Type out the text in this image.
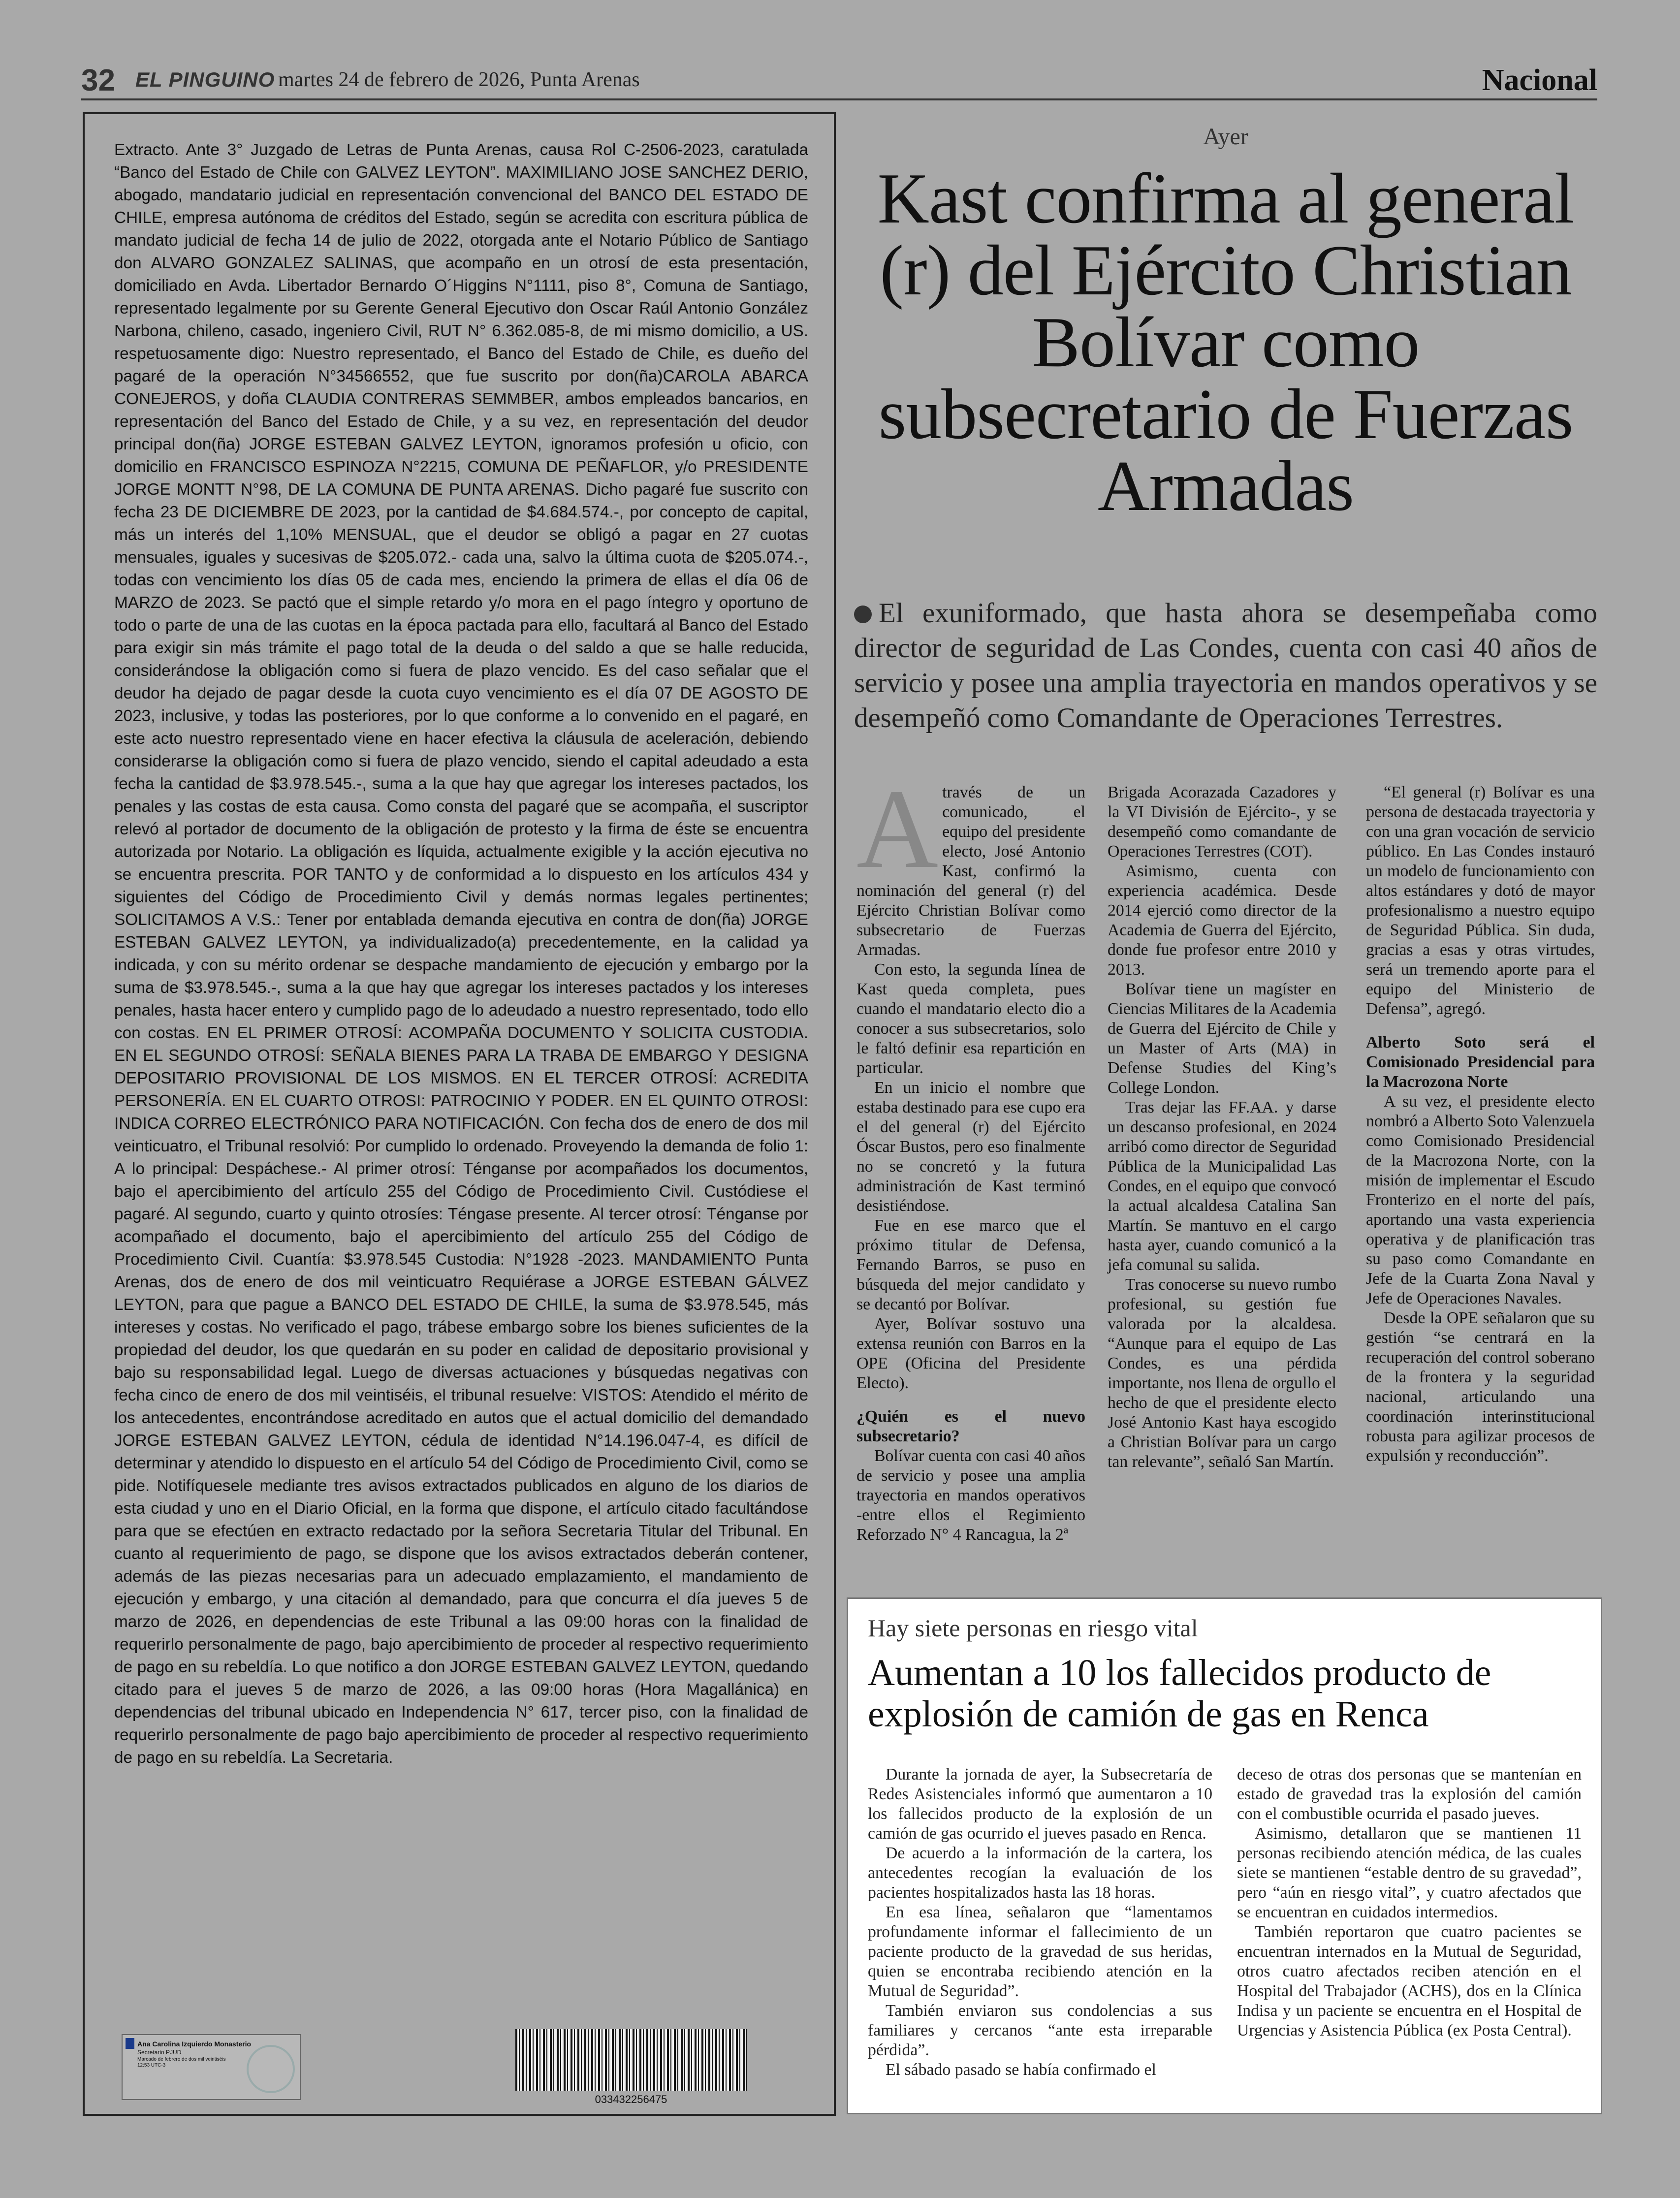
32 EL PINGUINO martes 24 de febrero de 2026, Punta Arenas	Nacional
Extracto. Ante 3° Juzgado de Letras de Punta Arenas, causa Rol C-2506-2023, caratulada “Banco del Estado de Chile con GALVEZ LEYTON”. MAXIMILIANO JOSE SANCHEZ DERIO, abogado, mandatario judicial en representación convencional del BANCO DEL ESTADO DE CHILE, empresa autónoma de créditos del Estado, según se acredita con escritura pública de mandato judicial de fecha 14 de julio de 2022, otorgada ante el Notario Público de Santiago don ALVARO GONZALEZ SALINAS, que acompaño en un otrosí de esta presentación, domiciliado en Avda. Libertador Bernardo O´Higgins N°1111, piso 8°, Comuna de Santiago, representado legalmente por su Gerente General Ejecutivo don Oscar Raúl Antonio González Narbona, chileno, casado, ingeniero Civil, RUT N° 6.362.085-8, de mi mismo domicilio, a US. respetuosamente digo: Nuestro representado, el Banco del Estado de Chile, es dueño del pagaré de la operación N°34566552, que fue suscrito por don(ña)CAROLA ABARCA CONEJEROS, y doña CLAUDIA CONTRERAS SEMMBER, ambos empleados bancarios, en representación del Banco del Estado de Chile, y a su vez, en representación del deudor principal don(ña) JORGE ESTEBAN GALVEZ LEYTON, ignoramos profesión u oficio, con domicilio en FRANCISCO ESPINOZA N°2215, COMUNA DE PEÑAFLOR, y/o PRESIDENTE JORGE MONTT N°98, DE LA COMUNA DE PUNTA ARENAS. Dicho pagaré fue suscrito con fecha 23 DE DICIEMBRE DE 2023, por la cantidad de $4.684.574.-, por concepto de capital, más un interés del 1,10% MENSUAL, que el deudor se obligó a pagar en 27 cuotas mensuales, iguales y sucesivas de $205.072.- cada una, salvo la última cuota de $205.074.-, todas con vencimiento los días 05 de cada mes, enciendo la primera de ellas el día 06 de MARZO de 2023. Se pactó que el simple retardo y/o mora en el pago íntegro y oportuno de todo o parte de una de las cuotas en la época pactada para ello, facultará al Banco del Estado para exigir sin más trámite el pago total de la deuda o del saldo a que se halle reducida, considerándose la obligación como si fuera de plazo vencido. Es del caso señalar que el deudor ha dejado de pagar desde la cuota cuyo vencimiento es el día 07 DE AGOSTO DE 2023, inclusive, y todas las posteriores, por lo que conforme a lo convenido en el pagaré, en este acto nuestro representado viene en hacer efectiva la cláusula de aceleración, debiendo considerarse la obligación como si fuera de plazo vencido, siendo el capital adeudado a esta fecha la cantidad de $3.978.545.-, suma a la que hay que agregar los intereses pactados, los penales y las costas de esta causa. Como consta del pagaré que se acompaña, el suscriptor relevó al portador de documento de la obligación de protesto y la firma de éste se encuentra autorizada por Notario. La obligación es líquida, actualmente exigible y la acción ejecutiva no se encuentra prescrita. POR TANTO y de conformidad a lo dispuesto en los artículos 434 y siguientes del Código de Procedimiento Civil y demás normas legales pertinentes; SOLICITAMOS A V.S.: Tener por entablada demanda ejecutiva en contra de don(ña) JORGE ESTEBAN GALVEZ LEYTON, ya individualizado(a) precedentemente, en la calidad ya indicada, y con su mérito ordenar se despache mandamiento de ejecución y embargo por la suma de $3.978.545.-, suma a la que hay que agregar los intereses pactados y los intereses penales, hasta hacer entero y cumplido pago de lo adeudado a nuestro representado, todo ello con costas. EN EL PRIMER OTROSÍ: ACOMPAÑA DOCUMENTO Y SOLICITA CUSTODIA. EN EL SEGUNDO OTROSÍ: SEÑALA BIENES PARA LA TRABA DE EMBARGO Y DESIGNA DEPOSITARIO PROVISIONAL DE LOS MISMOS. EN EL TERCER OTROSÍ: ACREDITA PERSONERÍA. EN EL CUARTO OTROSI: PATROCINIO Y PODER. EN EL QUINTO OTROSI: INDICA CORREO ELECTRÓNICO PARA NOTIFICACIÓN. Con fecha dos de enero de dos mil veinticuatro, el Tribunal resolvió: Por cumplido lo ordenado. Proveyendo la demanda de folio 1: A lo principal: Despáchese.- Al primer otrosí: Ténganse por acompañados los documentos, bajo el apercibimiento del artículo 255 del Código de Procedimiento Civil. Custódiese el pagaré. Al segundo, cuarto y quinto otrosíes: Téngase presente. Al tercer otrosí: Ténganse por acompañado el documento, bajo el apercibimiento del artículo 255 del Código de Procedimiento Civil. Cuantía: $3.978.545 Custodia: N°1928 -2023. MANDAMIENTO Punta Arenas, dos de enero de dos mil veinticuatro Requiérase a JORGE ESTEBAN GÁLVEZ LEYTON, para que pague a BANCO DEL ESTADO DE CHILE, la suma de $3.978.545, más intereses y costas. No verificado el pago, trábese embargo sobre los bienes suficientes de la propiedad del deudor, los que quedarán en su poder en calidad de depositario provisional y bajo su responsabilidad legal. Luego de diversas actuaciones y búsquedas negativas con fecha cinco de enero de dos mil veintiséis, el tribunal resuelve: VISTOS: Atendido el mérito de los antecedentes, encontrándose acreditado en autos que el actual domicilio del demandado JORGE ESTEBAN GALVEZ LEYTON, cédula de identidad N°14.196.047-4, es difícil de determinar y atendido lo dispuesto en el artículo 54 del Código de Procedimiento Civil, como se pide. Notifíquesele mediante tres avisos extractados publicados en alguno de los diarios de esta ciudad y uno en el Diario Oficial, en la forma que dispone, el artículo citado facultándose para que se efectúen en extracto redactado por la señora Secretaria Titular del Tribunal. En cuanto al requerimiento de pago, se dispone que los avisos extractados deberán contener, además de las piezas necesarias para un adecuado emplazamiento, el mandamiento de ejecución y embargo, y una citación al demandado, para que concurra el día jueves 5 de marzo de 2026, en dependencias de este Tribunal a las 09:00 horas con la finalidad de requerirlo personalmente de pago, bajo apercibimiento de proceder al respectivo requerimiento de pago en su rebeldía. Lo que notifico a don JORGE ESTEBAN GALVEZ LEYTON, quedando citado para el jueves 5 de marzo de 2026, a las 09:00 horas (Hora Magallánica) en dependencias del tribunal ubicado en Independencia N° 617, tercer piso, con la finalidad de requerirlo personalmente de pago bajo apercibimiento de proceder al respectivo requerimiento de pago en su rebeldía. La Secretaria.
Ana Carolina Izquierdo Monasterio
Secretario PJUD
Marcado de febrero de dos mil veintiséis 12:53 UTC-3
033432256475
Ayer
Kast confirma al general (r) del Ejército Christian Bolívar como subsecretario de Fuerzas Armadas
El exuniformado, que hasta ahora se desempeñaba como director de seguridad de Las Condes, cuenta con casi 40 años de servicio y posee una amplia trayectoria en mandos operativos y se desempeñó como Comandante de Operaciones Terrestres.

Através de un comunicado, el equipo del presidente electo, José Antonio Kast, confirmó la nominación del general (r) del Ejército Christian Bolívar como subsecretario de Fuerzas Armadas.

Con esto, la segunda línea de Kast queda completa, pues cuando el mandatario electo dio a conocer a sus subsecretarios, solo le faltó definir esa repartición en particular.

En un inicio el nombre que estaba destinado para ese cupo era el del general (r) del Ejército Óscar Bustos, pero eso finalmente no se concretó y la futura administración de Kast terminó desistiéndose.

Fue en ese marco que el próximo titular de Defensa, Fernando Barros, se puso en búsqueda del mejor candidato y se decantó por Bolívar.

Ayer, Bolívar sostuvo una extensa reunión con Barros en la OPE (Oficina del Presidente Electo).

¿Quién es el nuevo subsecretario?

Bolívar cuenta con casi 40 años de servicio y posee una amplia trayectoria en mandos operativos -entre ellos el Regimiento Reforzado N° 4 Rancagua, la 2ª

Brigada Acorazada Cazadores y la VI División de Ejército-, y se desempeñó como comandante de Operaciones Terrestres (COT).

Asimismo, cuenta con experiencia académica. Desde 2014 ejerció como director de la Academia de Guerra del Ejército, donde fue profesor entre 2010 y 2013.

Bolívar tiene un magíster en Ciencias Militares de la Academia de Guerra del Ejército de Chile y un Master of Arts (MA) in Defense Studies del King’s College London.

Tras dejar las FF.AA. y darse un descanso profesional, en 2024 arribó como director de Seguridad Pública de la Municipalidad Las Condes, en el equipo que convocó la actual alcaldesa Catalina San Martín. Se mantuvo en el cargo hasta ayer, cuando comunicó a la jefa comunal su salida.

Tras conocerse su nuevo rumbo profesional, su gestión fue valorada por la alcaldesa. “Aunque para el equipo de Las Condes, es una pérdida importante, nos llena de orgullo el hecho de que el presidente electo José Antonio Kast haya escogido a Christian Bolívar para un cargo tan relevante”, señaló San Martín.

“El general (r) Bolívar es una persona de destacada trayectoria y con una gran vocación de servicio público. En Las Condes instauró un modelo de funcionamiento con altos estándares y dotó de mayor profesionalismo a nuestro equipo de Seguridad Pública. Sin duda, gracias a esas y otras virtudes, será un tremendo aporte para el equipo del Ministerio de Defensa”, agregó.

Alberto Soto será el Comisionado Presidencial para la Macrozona Norte

A su vez, el presidente electo nombró a Alberto Soto Valenzuela como Comisionado Presidencial de la Macrozona Norte, con la misión de implementar el Escudo Fronterizo en el norte del país, aportando una vasta experiencia operativa y de planificación tras su paso como Comandante en Jefe de la Cuarta Zona Naval y Jefe de Operaciones Navales.

Desde la OPE señalaron que su gestión “se centrará en la recuperación del control soberano de la frontera y la seguridad nacional, articulando una coordinación interinstitucional robusta para agilizar procesos de expulsión y reconducción”.

Hay siete personas en riesgo vital
Aumentan a 10 los fallecidos producto de explosión de camión de gas en Renca

Durante la jornada de ayer, la Subsecretaría de Redes Asistenciales informó que aumentaron a 10 los fallecidos producto de la explosión de un camión de gas ocurrido el jueves pasado en Renca.

De acuerdo a la información de la cartera, los antecedentes recogían la evaluación de los pacientes hospitalizados hasta las 18 horas.

En esa línea, señalaron que “lamentamos profundamente informar el fallecimiento de un paciente producto de la gravedad de sus heridas, quien se encontraba recibiendo atención en la Mutual de Seguridad”.

También enviaron sus condolencias a sus familiares y cercanos “ante esta irreparable pérdida”.

El sábado pasado se había confirmado el

deceso de otras dos personas que se mantenían en estado de gravedad tras la explosión del camión con el combustible ocurrida el pasado jueves.

Asimismo, detallaron que se mantienen 11 personas recibiendo atención médica, de las cuales siete se mantienen “estable dentro de su gravedad”, pero “aún en riesgo vital”, y cuatro afectados que se encuentran en cuidados intermedios.

También reportaron que cuatro pacientes se encuentran internados en la Mutual de Seguridad, otros cuatro afectados reciben atención en el Hospital del Trabajador (ACHS), dos en la Clínica Indisa y un paciente se encuentra en el Hospital de Urgencias y Asistencia Pública (ex Posta Central).
